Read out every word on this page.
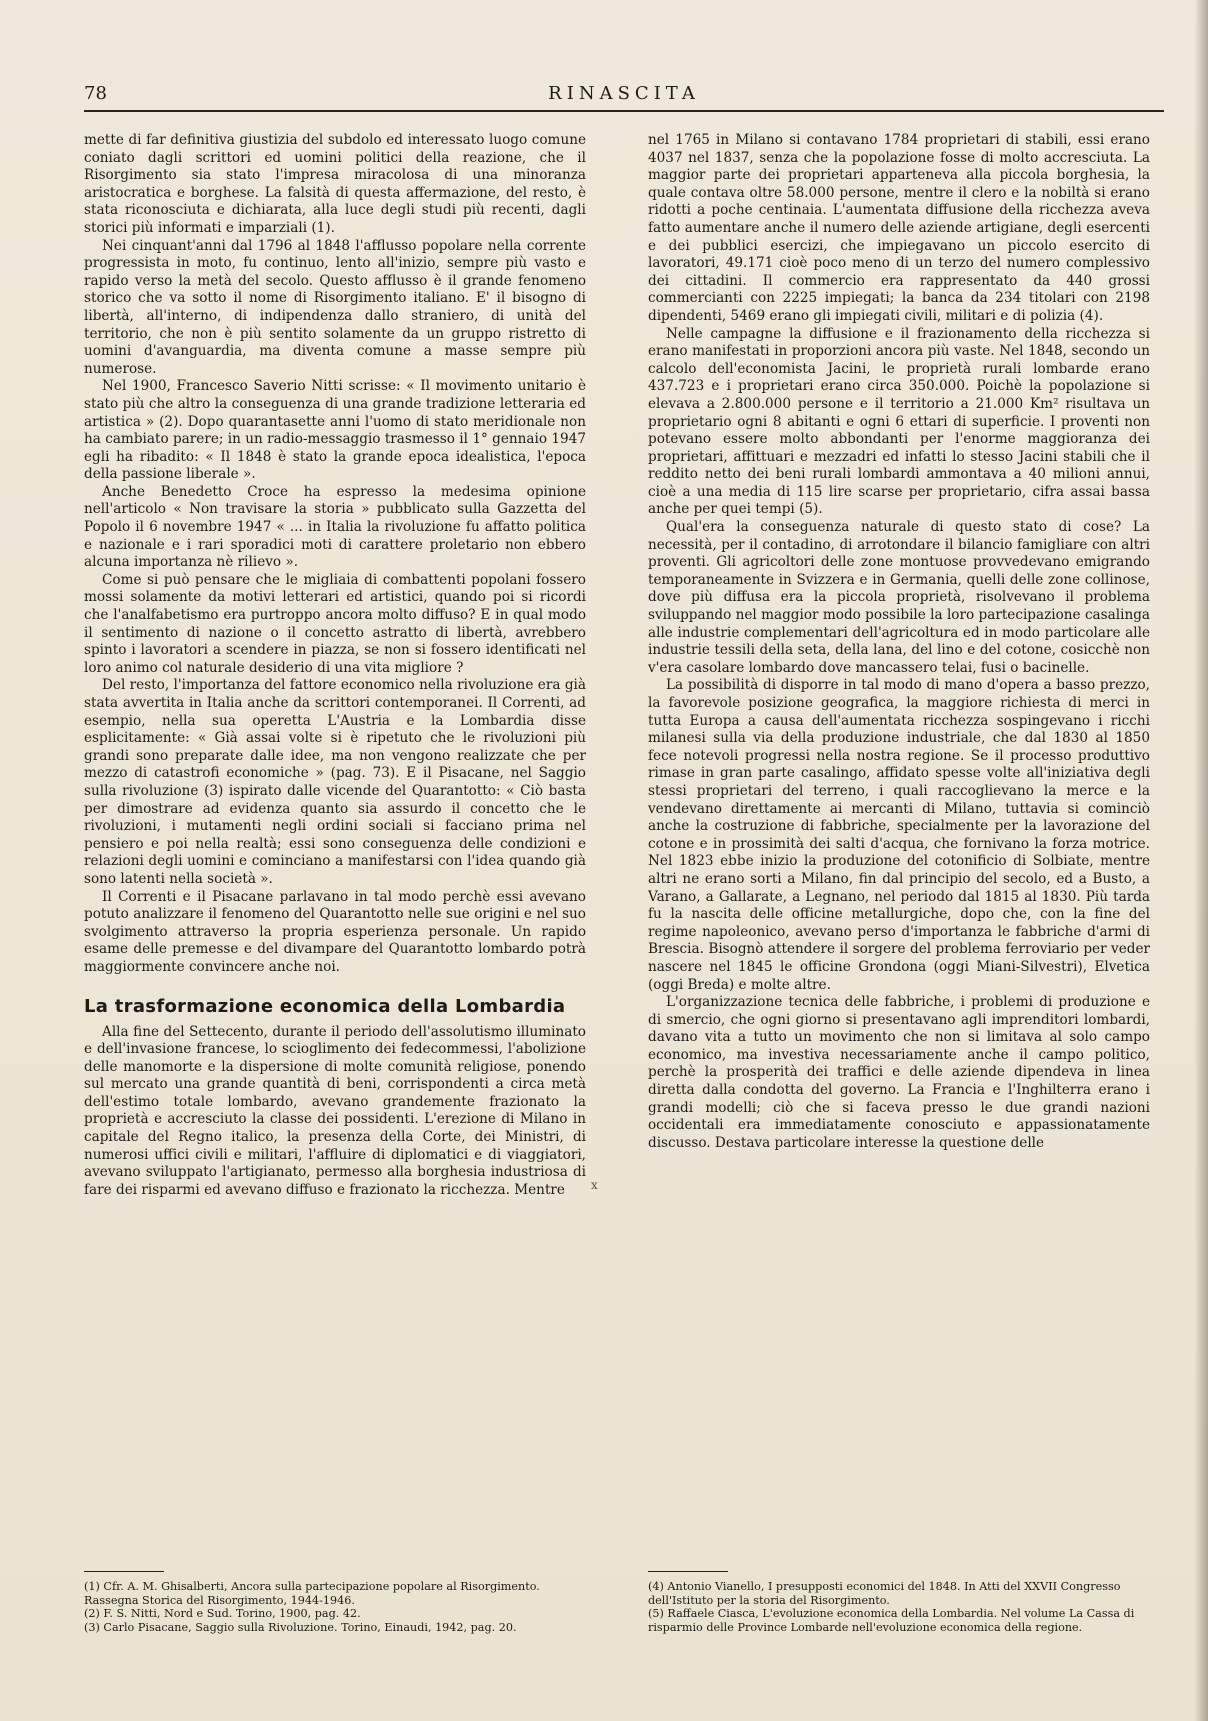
78	RINASCITA

mette di far definitiva giustizia del subdolo ed interessato luogo comune coniato dagli scrittori ed uomini politici della reazione, che il Risorgimento sia stato l'impresa miracolosa di una minoranza aristocratica e borghese. La falsità di questa affermazione, del resto, è stata riconosciuta e dichiarata, alla luce degli studi più recenti, dagli storici più informati e imparziali (1).

Nei cinquant'anni dal 1796 al 1848 l'afflusso popolare nella corrente progressista in moto, fu continuo, lento all'inizio, sempre più vasto e rapido verso la metà del secolo. Questo afflusso è il grande fenomeno storico che va sotto il nome di Risorgimento italiano. E' il bisogno di libertà, all'interno, di indipendenza dallo straniero, di unità del territorio, che non è più sentito solamente da un gruppo ristretto di uomini d'avanguardia, ma diventa comune a masse sempre più numerose.

Nel 1900, Francesco Saverio Nitti scrisse: « Il movimento unitario è stato più che altro la conseguenza di una grande tradizione letteraria ed artistica » (2). Dopo quarantasette anni l'uomo di stato meridionale non ha cambiato parere; in un radio-messaggio trasmesso il 1° gennaio 1947 egli ha ribadito: « Il 1848 è stato la grande epoca idealistica, l'epoca della passione liberale ».

Anche Benedetto Croce ha espresso la medesima opinione nell'articolo « Non travisare la storia » pubblicato sulla Gazzetta del Popolo il 6 novembre 1947 « ... in Italia la rivoluzione fu affatto politica e nazionale e i rari sporadici moti di carattere proletario non ebbero alcuna importanza nè rilievo ».

Come si può pensare che le migliaia di combattenti popolani fossero mossi solamente da motivi letterari ed artistici, quando poi si ricordi che l'analfabetismo era purtroppo ancora molto diffuso? E in qual modo il sentimento di nazione o il concetto astratto di libertà, avrebbero spinto i lavoratori a scendere in piazza, se non si fossero identificati nel loro animo col naturale desiderio di una vita migliore ?

Del resto, l'importanza del fattore economico nella rivoluzione era già stata avvertita in Italia anche da scrittori contemporanei. Il Correnti, ad esempio, nella sua operetta L'Austria e la Lombardia disse esplicitamente: « Già assai volte si è ripetuto che le rivoluzioni più grandi sono preparate dalle idee, ma non vengono realizzate che per mezzo di catastrofi economiche » (pag. 73). E il Pisacane, nel Saggio sulla rivoluzione (3) ispirato dalle vicende del Quarantotto: « Ciò basta per dimostrare ad evidenza quanto sia assurdo il concetto che le rivoluzioni, i mutamenti negli ordini sociali si facciano prima nel pensiero e poi nella realtà; essi sono conseguenza delle condizioni e relazioni degli uomini e cominciano a manifestarsi con l'idea quando già sono latenti nella società ».

Il Correnti e il Pisacane parlavano in tal modo perchè essi avevano potuto analizzare il fenomeno del Quarantotto nelle sue origini e nel suo svolgimento attraverso la propria esperienza personale. Un rapido esame delle premesse e del divampare del Quarantotto lombardo potrà maggiormente convincere anche noi.

La trasformazione economica della Lombardia

Alla fine del Settecento, durante il periodo dell'assolutismo illuminato e dell'invasione francese, lo scioglimento dei fedecommessi, l'abolizione delle manomorte e la dispersione di molte comunità religiose, ponendo sul mercato una grande quantità di beni, corrispondenti a circa metà dell'estimo totale lombardo, avevano grandemente frazionato la proprietà e accresciuto la classe dei possidenti. L'erezione di Milano in capitale del Regno italico, la presenza della Corte, dei Ministri, di numerosi uffici civili e militari, l'affluire di diplomatici e di viaggiatori, avevano sviluppato l'artigianato, permesso alla borghesia industriosa di fare dei risparmi ed avevano diffuso e frazionato la ricchezza. Mentre

nel 1765 in Milano si contavano 1784 proprietari di stabili, essi erano 4037 nel 1837, senza che la popolazione fosse di molto accresciuta. La maggior parte dei proprietari apparteneva alla piccola borghesia, la quale contava oltre 58.000 persone, mentre il clero e la nobiltà si erano ridotti a poche centinaia. L'aumentata diffusione della ricchezza aveva fatto aumentare anche il numero delle aziende artigiane, degli esercenti e dei pubblici esercizi, che impiegavano un piccolo esercito di lavoratori, 49.171 cioè poco meno di un terzo del numero complessivo dei cittadini. Il commercio era rappresentato da 440 grossi commercianti con 2225 impiegati; la banca da 234 titolari con 2198 dipendenti, 5469 erano gli impiegati civili, militari e di polizia (4).

Nelle campagne la diffusione e il frazionamento della ricchezza si erano manifestati in proporzioni ancora più vaste. Nel 1848, secondo un calcolo dell'economista Jacini, le proprietà rurali lombarde erano 437.723 e i proprietari erano circa 350.000. Poichè la popolazione si elevava a 2.800.000 persone e il territorio a 21.000 Km² risultava un proprietario ogni 8 abitanti e ogni 6 ettari di superficie. I proventi non potevano essere molto abbondanti per l'enorme maggioranza dei proprietari, affittuari e mezzadri ed infatti lo stesso Jacini stabili che il reddito netto dei beni rurali lombardi ammontava a 40 milioni annui, cioè a una media di 115 lire scarse per proprietario, cifra assai bassa anche per quei tempi (5).

Qual'era la conseguenza naturale di questo stato di cose? La necessità, per il contadino, di arrotondare il bilancio famigliare con altri proventi. Gli agricoltori delle zone montuose provvedevano emigrando temporaneamente in Svizzera e in Germania, quelli delle zone collinose, dove più diffusa era la piccola proprietà, risolvevano il problema sviluppando nel maggior modo possibile la loro partecipazione casalinga alle industrie complementari dell'agricoltura ed in modo particolare alle industrie tessili della seta, della lana, del lino e del cotone, cosicchè non v'era casolare lombardo dove mancassero telai, fusi o bacinelle.

La possibilità di disporre in tal modo di mano d'opera a basso prezzo, la favorevole posizione geografica, la maggiore richiesta di merci in tutta Europa a causa dell'aumentata ricchezza sospingevano i ricchi milanesi sulla via della produzione industriale, che dal 1830 al 1850 fece notevoli progressi nella nostra regione. Se il processo produttivo rimase in gran parte casalingo, affidato spesse volte all'iniziativa degli stessi proprietari del terreno, i quali raccoglievano la merce e la vendevano direttamente ai mercanti di Milano, tuttavia si cominciò anche la costruzione di fabbriche, specialmente per la lavorazione del cotone e in prossimità dei salti d'acqua, che fornivano la forza motrice. Nel 1823 ebbe inizio la produzione del cotonificio di Solbiate, mentre altri ne erano sorti a Milano, fin dal principio del secolo, ed a Busto, a Varano, a Gallarate, a Legnano, nel periodo dal 1815 al 1830. Più tarda fu la nascita delle officine metallurgiche, dopo che, con la fine del regime napoleonico, avevano perso d'importanza le fabbriche d'armi di Brescia. Bisognò attendere il sorgere del problema ferroviario per veder nascere nel 1845 le officine Grondona (oggi Miani-Silvestri), Elvetica (oggi Breda) e molte altre.

L'organizzazione tecnica delle fabbriche, i problemi di produzione e di smercio, che ogni giorno si presentavano agli imprenditori lombardi, davano vita a tutto un movimento che non si limitava al solo campo economico, ma investiva necessariamente anche il campo politico, perchè la prosperità dei traffici e delle aziende dipendeva in linea diretta dalla condotta del governo. La Francia e l'Inghilterra erano i grandi modelli; ciò che si faceva presso le due grandi nazioni occidentali era immediatamente conosciuto e appassionatamente discusso. Destava particolare interesse la questione delle

x
(1) Cfr. A. M. Ghisalberti, Ancora sulla partecipazione popolare al Risorgimento. Rassegna Storica del Risorgimento, 1944-1946.
(2) F. S. Nitti, Nord e Sud. Torino, 1900, pag. 42.
(3) Carlo Pisacane, Saggio sulla Rivoluzione. Torino, Einaudi, 1942, pag. 20.
(4) Antonio Vianello, I presupposti economici del 1848. In Atti del XXVII Congresso dell'Istituto per la storia del Risorgimento.
(5) Raffaele Ciasca, L'evoluzione economica della Lombardia. Nel volume La Cassa di risparmio delle Province Lombarde nell'evoluzione economica della regione.
